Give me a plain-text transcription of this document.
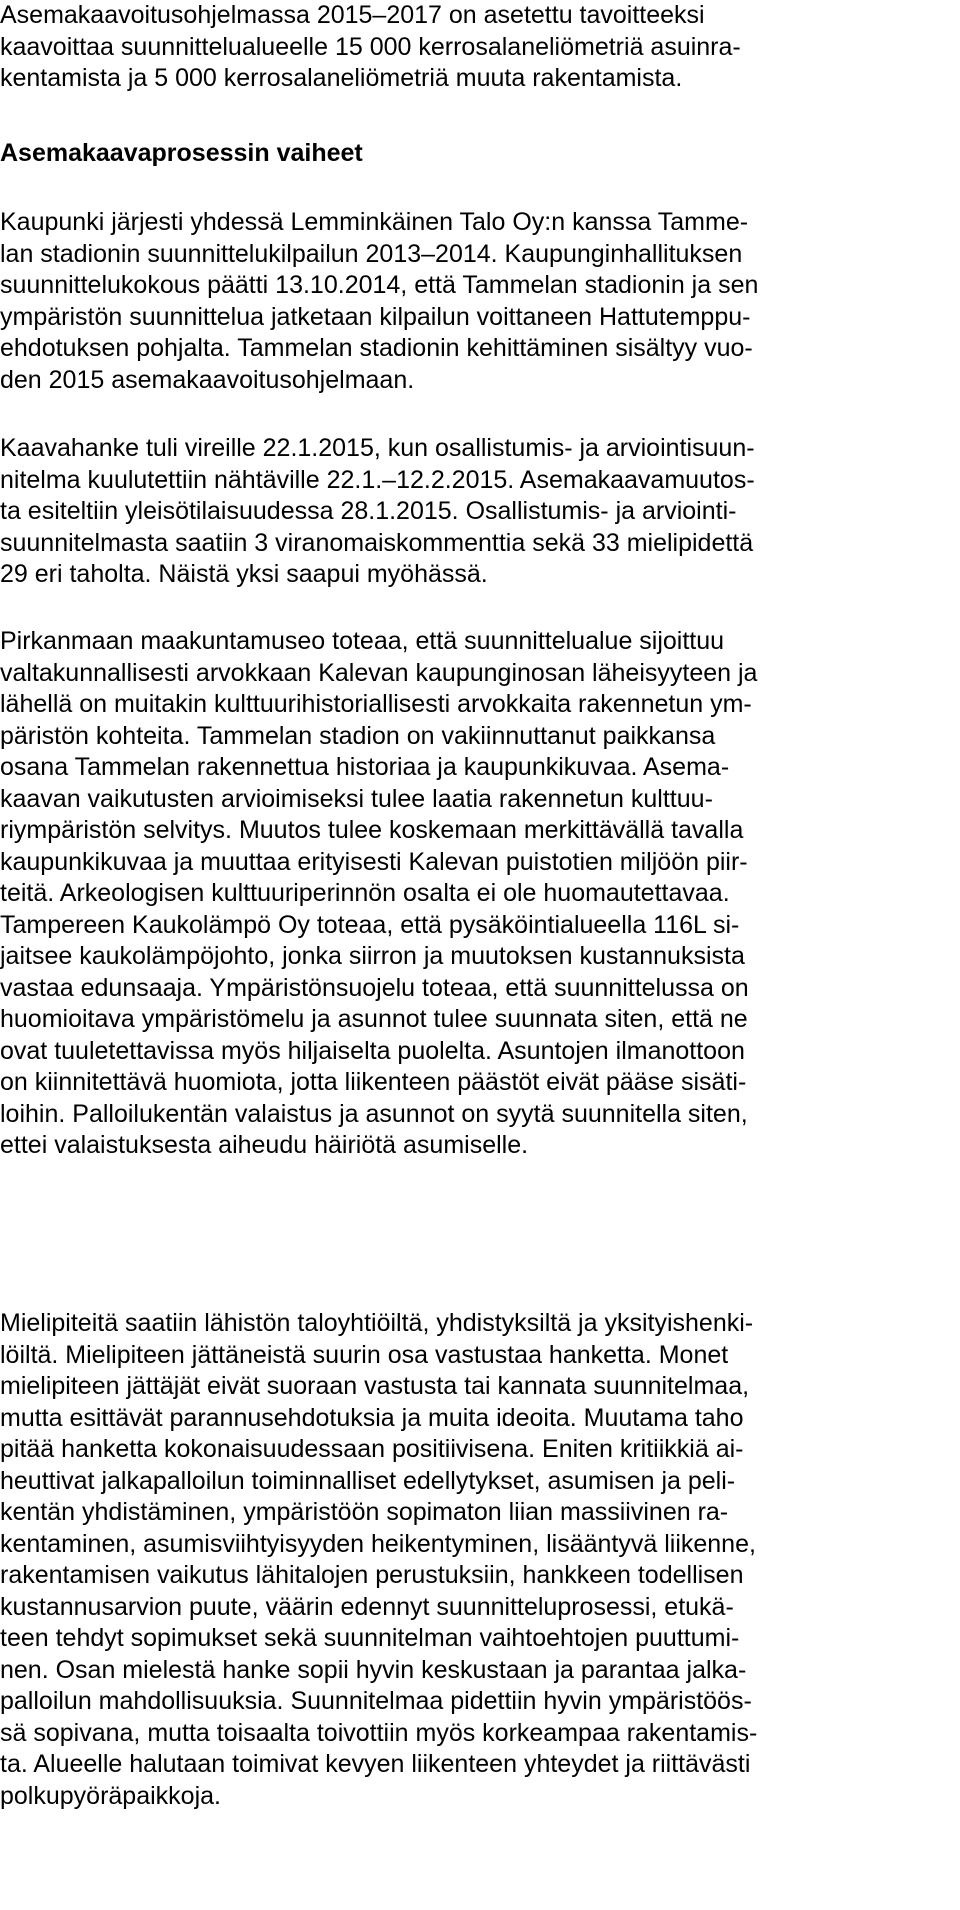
Asemakaavoitusohjelmassa 2015–2017 on asetettu tavoitteeksi
kaavoittaa suunnittelualueelle 15 000 kerrosalaneliömetriä asuinra-
kentamista ja 5 000 kerrosalaneliömetriä muuta rakentamista.
Asemakaavaprosessin vaiheet
Kaupunki järjesti yhdessä Lemminkäinen Talo Oy:n kanssa Tamme-
lan stadionin suunnittelukilpailun 2013–2014. Kaupunginhallituksen
suunnittelukokous päätti 13.10.2014, että Tammelan stadionin ja sen
ympäristön suunnittelua jatketaan kilpailun voittaneen Hattutemppu-
ehdotuksen pohjalta. Tammelan stadionin kehittäminen sisältyy vuo-
den 2015 asemakaavoitusohjelmaan.
Kaavahanke tuli vireille 22.1.2015, kun osallistumis- ja arviointisuun-
nitelma kuulutettiin nähtäville 22.1.–12.2.2015. Asemakaavamuutos-
ta esiteltiin yleisötilaisuudessa 28.1.2015. Osallistumis- ja arviointi-
suunnitelmasta saatiin 3 viranomaiskommenttia sekä 33 mielipidettä
29 eri taholta. Näistä yksi saapui myöhässä.
Pirkanmaan maakuntamuseo toteaa, että suunnittelualue sijoittuu
valtakunnallisesti arvokkaan Kalevan kaupunginosan läheisyyteen ja
lähellä on muitakin kulttuurihistoriallisesti arvokkaita rakennetun ym-
päristön kohteita. Tammelan stadion on vakiinnuttanut paikkansa
osana Tammelan rakennettua historiaa ja kaupunkikuvaa. Asema-
kaavan vaikutusten arvioimiseksi tulee laatia rakennetun kulttuu-
riympäristön selvitys. Muutos tulee koskemaan merkittävällä tavalla
kaupunkikuvaa ja muuttaa erityisesti Kalevan puistotien miljöön piir-
teitä. Arkeologisen kulttuuriperinnön osalta ei ole huomautettavaa.
Tampereen Kaukolämpö Oy toteaa, että pysäköintialueella 116L si-
jaitsee kaukolämpöjohto, jonka siirron ja muutoksen kustannuksista
vastaa edunsaaja. Ympäristönsuojelu toteaa, että suunnittelussa on
huomioitava ympäristömelu ja asunnot tulee suunnata siten, että ne
ovat tuuletettavissa myös hiljaiselta puolelta. Asuntojen ilmanottoon
on kiinnitettävä huomiota, jotta liikenteen päästöt eivät pääse sisäti-
loihin. Palloilukentän valaistus ja asunnot on syytä suunnitella siten,
ettei valaistuksesta aiheudu häiriötä asumiselle.
Mielipiteitä saatiin lähistön taloyhtiöiltä, yhdistyksiltä ja yksityishenki-
löiltä. Mielipiteen jättäneistä suurin osa vastustaa hanketta. Monet
mielipiteen jättäjät eivät suoraan vastusta tai kannata suunnitelmaa,
mutta esittävät parannusehdotuksia ja muita ideoita. Muutama taho
pitää hanketta kokonaisuudessaan positiivisena. Eniten kritiikkiä ai-
heuttivat jalkapalloilun toiminnalliset edellytykset, asumisen ja peli-
kentän yhdistäminen, ympäristöön sopimaton liian massiivinen ra-
kentaminen, asumisviihtyisyyden heikentyminen, lisääntyvä liikenne,
rakentamisen vaikutus lähitalojen perustuksiin, hankkeen todellisen
kustannusarvion puute, väärin edennyt suunnitteluprosessi, etukä-
teen tehdyt sopimukset sekä suunnitelman vaihtoehtojen puuttumi-
nen. Osan mielestä hanke sopii hyvin keskustaan ja parantaa jalka-
palloilun mahdollisuuksia. Suunnitelmaa pidettiin hyvin ympäristöös-
sä sopivana, mutta toisaalta toivottiin myös korkeampaa rakentamis-
ta. Alueelle halutaan toimivat kevyen liikenteen yhteydet ja riittävästi
polkupyöräpaikkoja.
